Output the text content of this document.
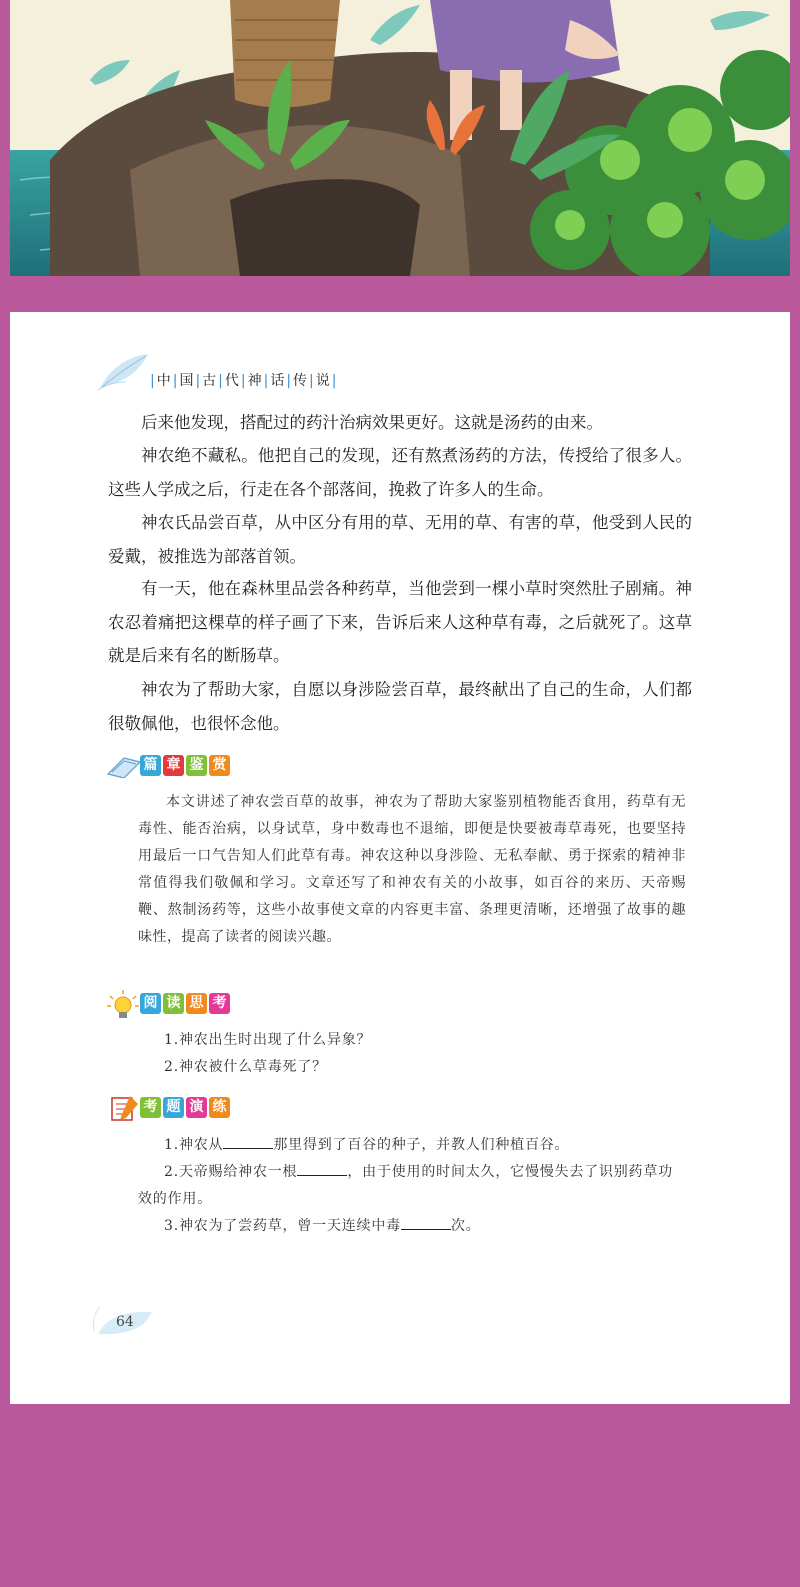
| 中 | 国 | 古 | 代 | 神 | 话 | 传 | 说 |

后来他发现，搭配过的药汁治病效果更好。这就是汤药的由来。

神农绝不藏私。他把自己的发现，还有熬煮汤药的方法，传授给了很多人。这些人学成之后，行走在各个部落间，挽救了许多人的生命。

神农氏品尝百草，从中区分有用的草、无用的草、有害的草，他受到人民的爱戴，被推选为部落首领。

有一天，他在森林里品尝各种药草，当他尝到一棵小草时突然肚子剧痛。神农忍着痛把这棵草的样子画了下来，告诉后来人这种草有毒，之后就死了。这草就是后来有名的断肠草。

神农为了帮助大家，自愿以身涉险尝百草，最终献出了自己的生命，人们都很敬佩他，也很怀念他。

篇 章 鉴 赏

本文讲述了神农尝百草的故事，神农为了帮助大家鉴别植物能否食用，药草有无毒性、能否治病，以身试草，身中数毒也不退缩，即便是快要被毒草毒死，也要坚持用最后一口气告知人们此草有毒。神农这种以身涉险、无私奉献、勇于探索的精神非常值得我们敬佩和学习。文章还写了和神农有关的小故事，如百谷的来历、天帝赐鞭、熬制汤药等，这些小故事使文章的内容更丰富、条理更清晰，还增强了故事的趣味性，提高了读者的阅读兴趣。

阅 读 思 考

1.神农出生时出现了什么异象？

2.神农被什么草毒死了？

考 题 演 练

1.神农从	那里得到了百谷的种子，并教人们种植百谷。

2.天帝赐给神农一根	，由于使用的时间太久，它慢慢失去了识别药草功效的作用。

3.神农为了尝药草，曾一天连续中毒	次。

64
